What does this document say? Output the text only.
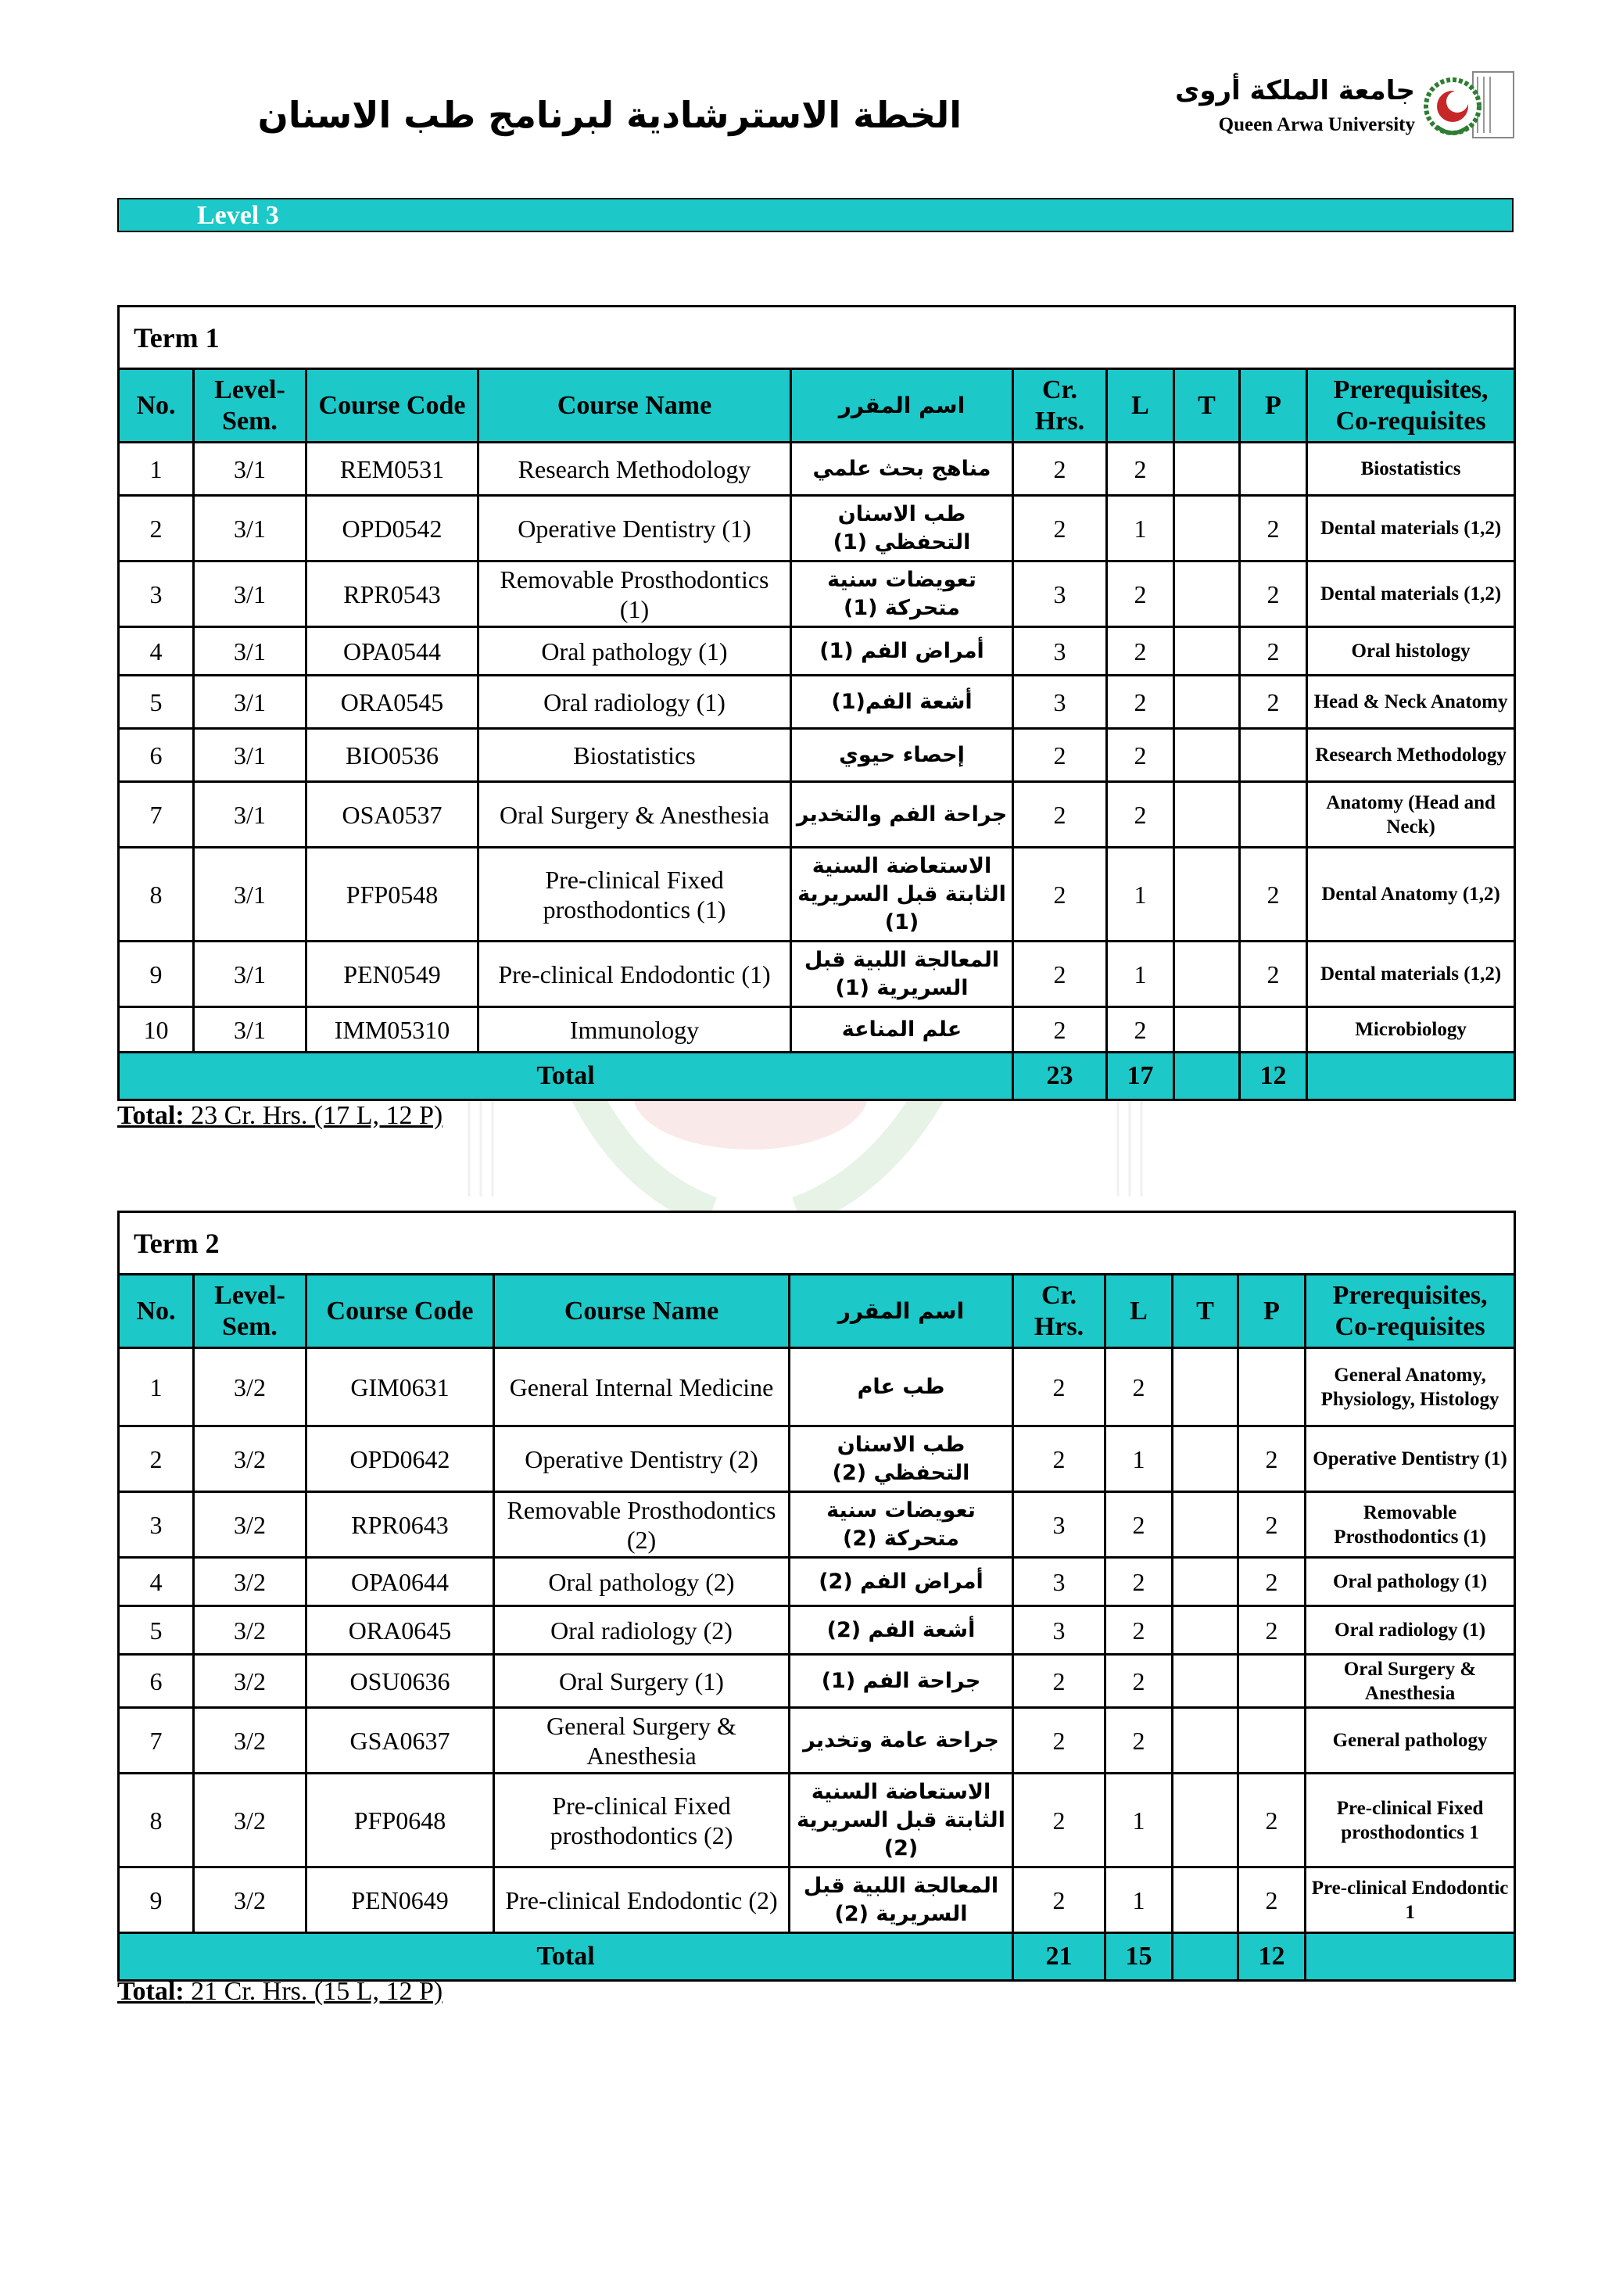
الخطة الاسترشادية لبرنامج طب الاسنان
جامعة الملكة أروى
Queen Arwa University
Level 3
Term 1									
No.	Level-Sem.	Course Code	Course Name	اسم المقرر	Cr. Hrs.	L	T	P	Prerequisites, Co-requisites
1	3/1	REM0531	Research Methodology	مناهج بحث علمي	2	2			Biostatistics
2	3/1	OPD0542	Operative Dentistry (1)	طب الاسنان التحفظي (1)	2	1		2	Dental materials (1,2)
3	3/1	RPR0543	Removable Prosthodontics (1)	تعويضات سنية متحركة (1)	3	2		2	Dental materials (1,2)
4	3/1	OPA0544	Oral pathology (1)	أمراض الفم (1)	3	2		2	Oral histology
5	3/1	ORA0545	Oral radiology (1)	أشعة الفم(1)	3	2		2	Head & Neck Anatomy
6	3/1	BIO0536	Biostatistics	إحصاء حيوي	2	2			Research Methodology
7	3/1	OSA0537	Oral Surgery & Anesthesia	جراحة الفم والتخدير	2	2			Anatomy (Head and Neck)
8	3/1	PFP0548	Pre-clinical Fixed prosthodontics (1)	الاستعاضة السنية الثابتة قبل السريرية (1)	2	1		2	Dental Anatomy (1,2)
9	3/1	PEN0549	Pre-clinical Endodontic (1)	المعالجة اللبية قبل السريرية (1)	2	1		2	Dental materials (1,2)
10	3/1	IMM05310	Immunology	علم المناعة	2	2			Microbiology
Total					23	17		12	
Total: 23 Cr. Hrs. (17 L, 12 P)
Term 2									
No.	Level-Sem.	Course Code	Course Name	اسم المقرر	Cr. Hrs.	L	T	P	Prerequisites, Co-requisites
1	3/2	GIM0631	General Internal Medicine	طب عام	2	2			General Anatomy, Physiology, Histology
2	3/2	OPD0642	Operative Dentistry (2)	طب الاسنان التحفظي (2)	2	1		2	Operative Dentistry (1)
3	3/2	RPR0643	Removable Prosthodontics (2)	تعويضات سنية متحركة (2)	3	2		2	Removable Prosthodontics (1)
4	3/2	OPA0644	Oral pathology (2)	أمراض الفم (2)	3	2		2	Oral pathology (1)
5	3/2	ORA0645	Oral radiology (2)	أشعة الفم (2)	3	2		2	Oral radiology (1)
6	3/2	OSU0636	Oral Surgery (1)	جراحة الفم (1)	2	2			Oral Surgery & Anesthesia
7	3/2	GSA0637	General Surgery & Anesthesia	جراحة عامة وتخدير	2	2			General pathology
8	3/2	PFP0648	Pre-clinical Fixed prosthodontics (2)	الاستعاضة السنية الثابتة قبل السريرية (2)	2	1		2	Pre-clinical Fixed prosthodontics 1
9	3/2	PEN0649	Pre-clinical Endodontic (2)	المعالجة اللبية قبل السريرية (2)	2	1		2	Pre-clinical Endodontic 1
Total					21	15		12	
Total: 21 Cr. Hrs. (15 L, 12 P)
